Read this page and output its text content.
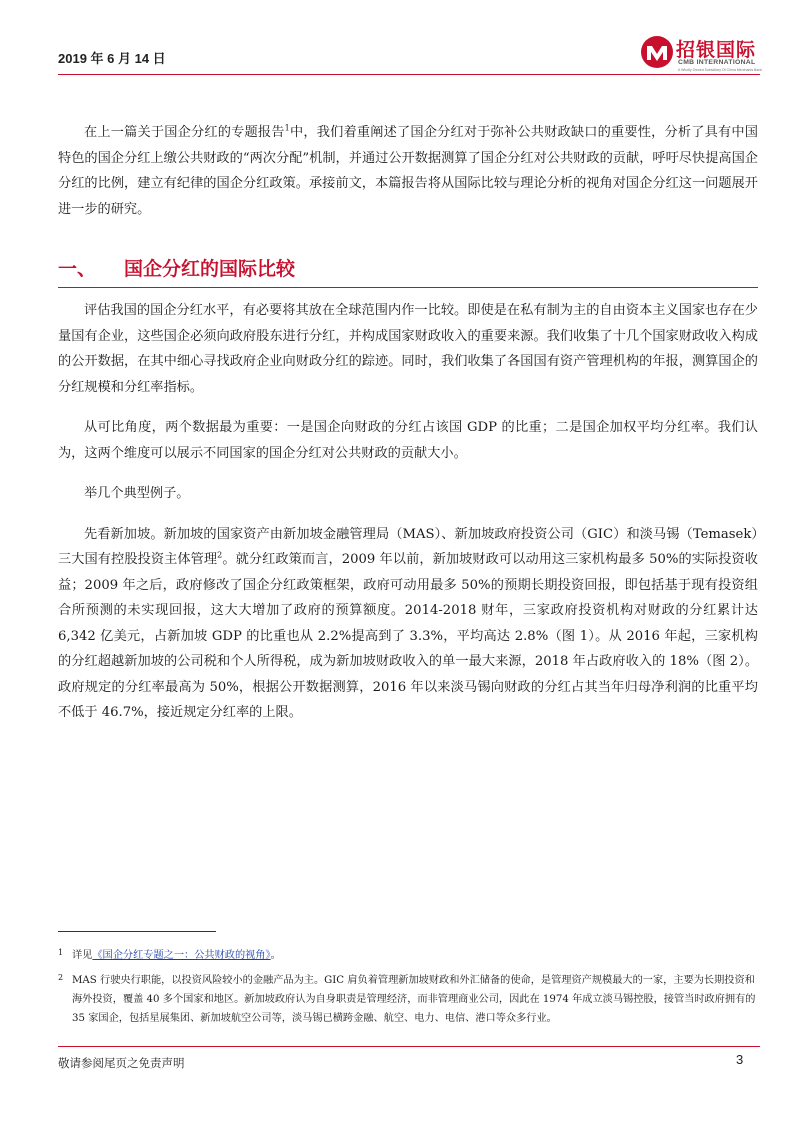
2019 年 6 月 14 日	招银国际
CMB INTERNATIONAL
A Wholly Owned Subsidiary Of China Merchants Bank

在上一篇关于国企分红的专题报告$^1$中，我们着重阐述了国企分红对于弥补公共财政缺口的重要性，分析了具有中国特色的国企分红上缴公共财政的“两次分配”机制，并通过公开数据测算了国企分红对公共财政的贡献，呼吁尽快提高国企分红的比例，建立有纪律的国企分红政策。承接前文，本篇报告将从国际比较与理论分析的视角对国企分红这一问题展开进一步的研究。

一、 国企分红的国际比较

评估我国的国企分红水平，有必要将其放在全球范围内作一比较。即使是在私有制为主的自由资本主义国家也存在少量国有企业，这些国企必须向政府股东进行分红，并构成国家财政收入的重要来源。我们收集了十几个国家财政收入构成的公开数据，在其中细心寻找政府企业向财政分红的踪迹。同时，我们收集了各国国有资产管理机构的年报，测算国企的分红规模和分红率指标。

从可比角度，两个数据最为重要：一是国企向财政的分红占该国 GDP 的比重；二是国企加权平均分红率。我们认为，这两个维度可以展示不同国家的国企分红对公共财政的贡献大小。

举几个典型例子。

先看新加坡。新加坡的国家资产由新加坡金融管理局（MAS）、新加坡政府投资公司（GIC）和淡马锡（Temasek）三大国有控股投资主体管理$^2$。就分红政策而言，2009 年以前，新加坡财政可以动用这三家机构最多 50%的实际投资收益；2009 年之后，政府修改了国企分红政策框架，政府可动用最多 50%的预期长期投资回报，即包括基于现有投资组合所预测的未实现回报，这大大增加了政府的预算额度。2014-2018 财年，三家政府投资机构对财政的分红累计达 6,342 亿美元，占新加坡 GDP 的比重也从 2.2%提高到了 3.3%，平均高达 2.8%（图 1）。从 2016 年起，三家机构的分红超越新加坡的公司税和个人所得税，成为新加坡财政收入的单一最大来源，2018 年占政府收入的 18%（图 2）。政府规定的分红率最高为 50%，根据公开数据测算，2016 年以来淡马锡向财政的分红占其当年归母净利润的比重平均不低于 46.7%，接近规定分红率的上限。

1 详见《国企分红专题之一：公共财政的视角》。
2 MAS 行驶央行职能，以投资风险较小的金融产品为主。GIC 肩负着管理新加坡财政和外汇储备的使命，是管理资产规模最大的一家，主要为长期投资和海外投资，覆盖 40 多个国家和地区。新加坡政府认为自身职责是管理经济，而非管理商业公司，因此在 1974 年成立淡马锡控股，接管当时政府拥有的 35 家国企，包括星展集团、新加坡航空公司等，淡马锡已横跨金融、航空、电力、电信、港口等众多行业。
敬请参阅尾页之免责声明	3
